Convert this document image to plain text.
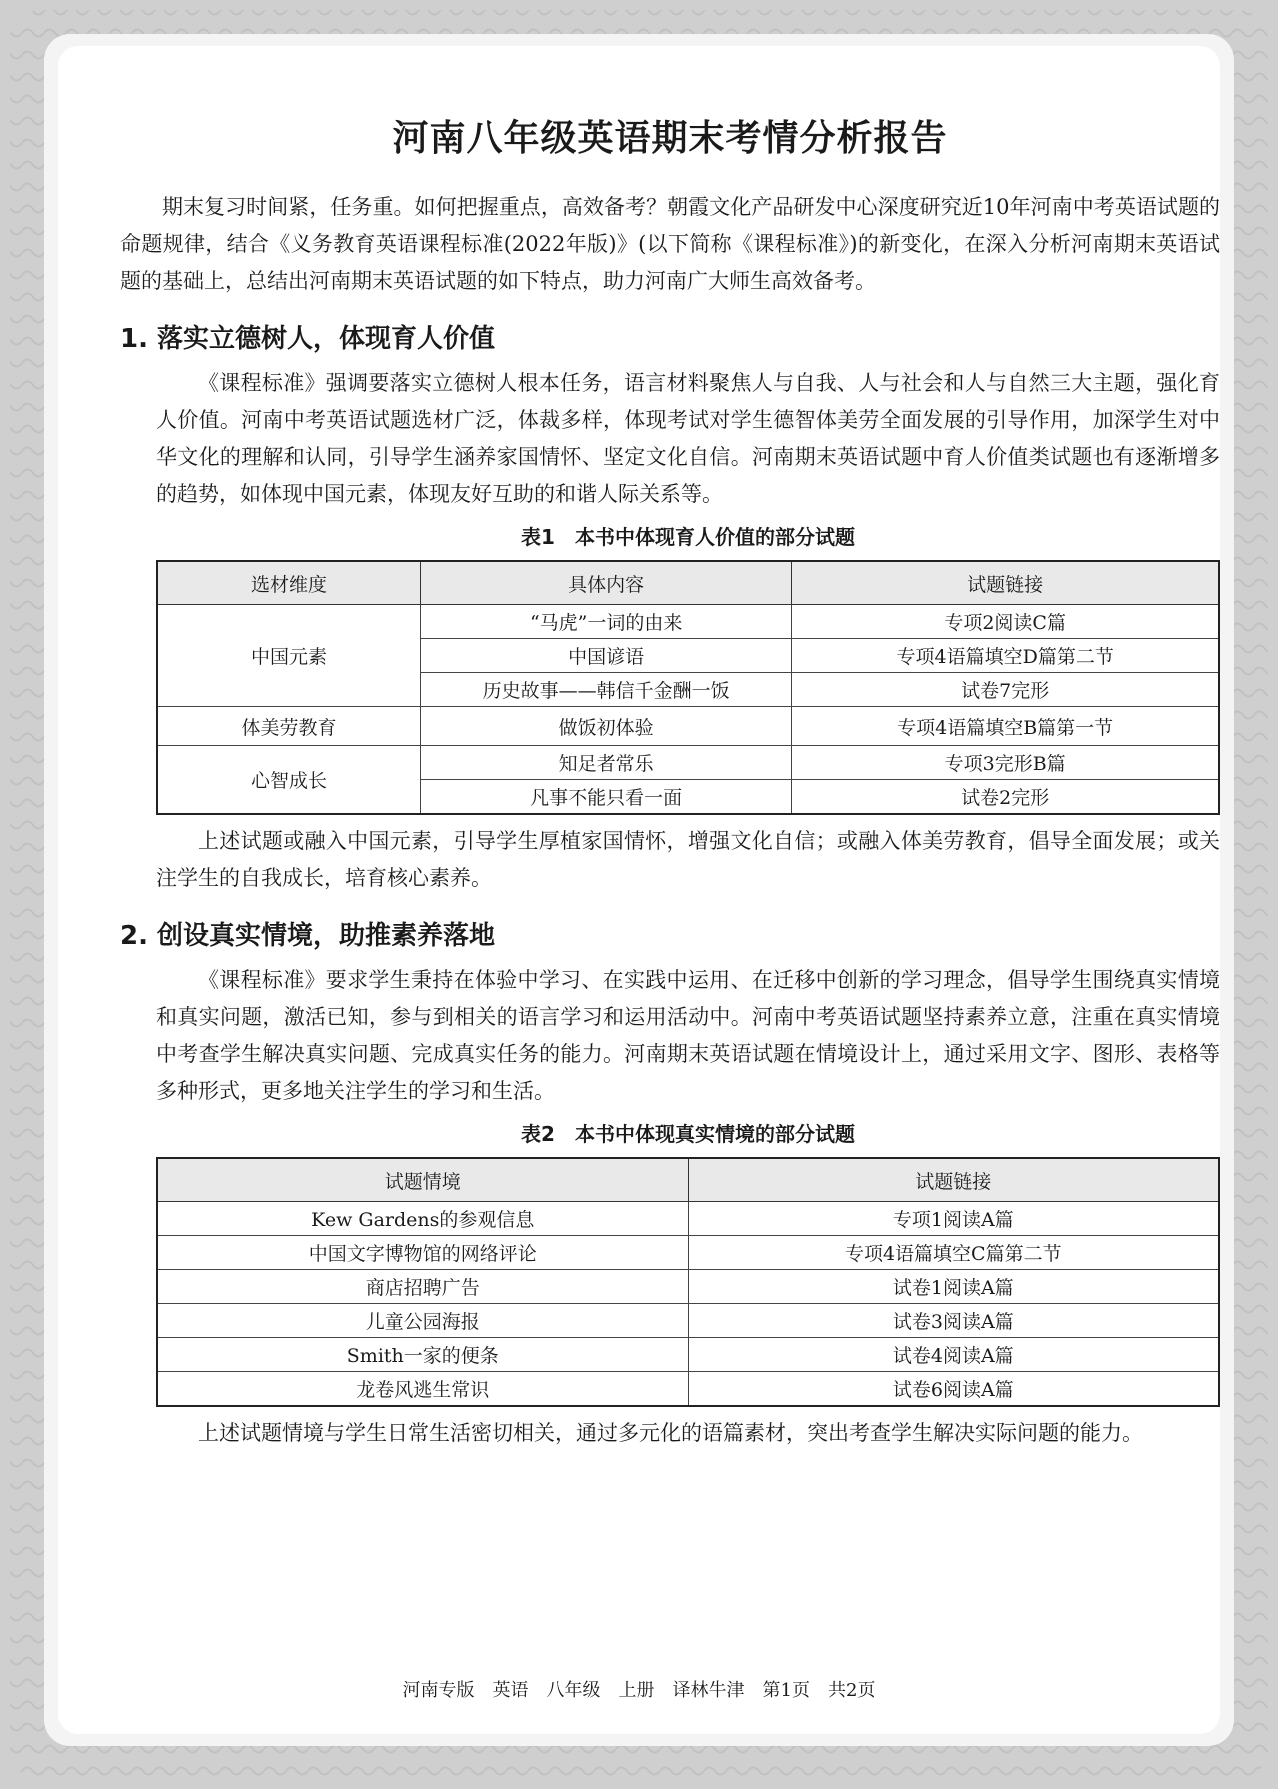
河南八年级英语期末考情分析报告

期末复习时间紧，任务重。如何把握重点，高效备考？朝霞文化产品研发中心深度研究近10年河南中考英语试题的命题规律，结合《义务教育英语课程标准(2022年版)》(以下简称《课程标准》)的新变化，在深入分析河南期末英语试题的基础上，总结出河南期末英语试题的如下特点，助力河南广大师生高效备考。

1. 落实立德树人，体现育人价值

《课程标准》强调要落实立德树人根本任务，语言材料聚焦人与自我、人与社会和人与自然三大主题，强化育人价值。河南中考英语试题选材广泛，体裁多样，体现考试对学生德智体美劳全面发展的引导作用，加深学生对中华文化的理解和认同，引导学生涵养家国情怀、坚定文化自信。河南期末英语试题中育人价值类试题也有逐渐增多的趋势，如体现中国元素，体现友好互助的和谐人际关系等。

表1　本书中体现育人价值的部分试题
选材维度	具体内容	试题链接
中国元素	“马虎”一词的由来	专项2阅读C篇
	中国谚语	专项4语篇填空D篇第二节
	历史故事——韩信千金酬一饭	试卷7完形
体美劳教育	做饭初体验	专项4语篇填空B篇第一节
心智成长	知足者常乐	专项3完形B篇
	凡事不能只看一面	试卷2完形

上述试题或融入中国元素，引导学生厚植家国情怀，增强文化自信；或融入体美劳教育，倡导全面发展；或关注学生的自我成长，培育核心素养。

2. 创设真实情境，助推素养落地

《课程标准》要求学生秉持在体验中学习、在实践中运用、在迁移中创新的学习理念，倡导学生围绕真实情境和真实问题，激活已知，参与到相关的语言学习和运用活动中。河南中考英语试题坚持素养立意，注重在真实情境中考查学生解决真实问题、完成真实任务的能力。河南期末英语试题在情境设计上，通过采用文字、图形、表格等多种形式，更多地关注学生的学习和生活。

表2　本书中体现真实情境的部分试题
试题情境	试题链接
Kew Gardens的参观信息	专项1阅读A篇
中国文字博物馆的网络评论	专项4语篇填空C篇第二节
商店招聘广告	试卷1阅读A篇
儿童公园海报	试卷3阅读A篇
Smith一家的便条	试卷4阅读A篇
龙卷风逃生常识	试卷6阅读A篇

上述试题情境与学生日常生活密切相关，通过多元化的语篇素材，突出考查学生解决实际问题的能力。

河南专版　英语　八年级　上册　译林牛津　第1页　共2页
